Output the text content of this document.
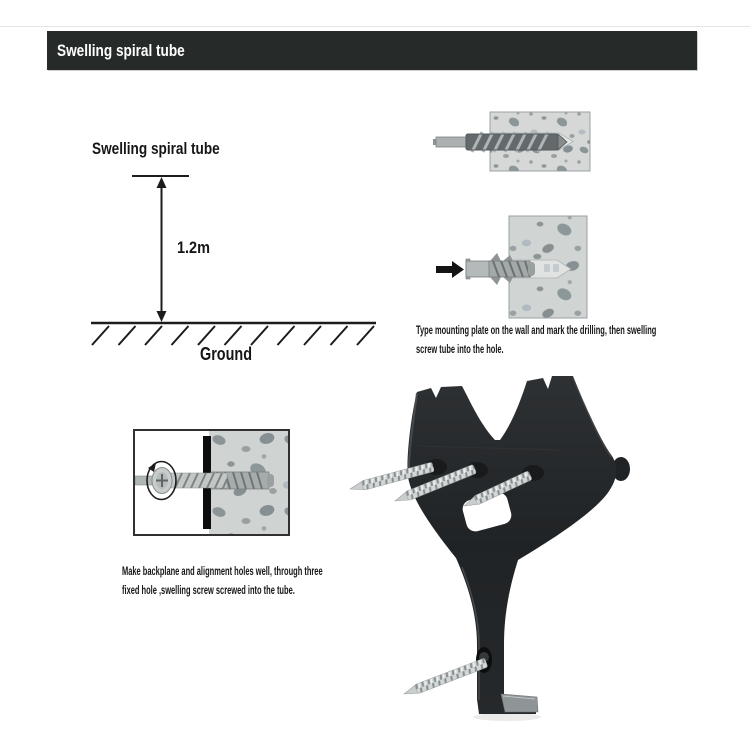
Swelling spiral tube
Swelling spiral tube
1.2m
Ground
Type mounting plate on the wall and mark the drilling, then swelling
screw tube into the hole.
Make backplane and alignment holes well, through three
fixed hole ,swelling screw screwed into the tube.
